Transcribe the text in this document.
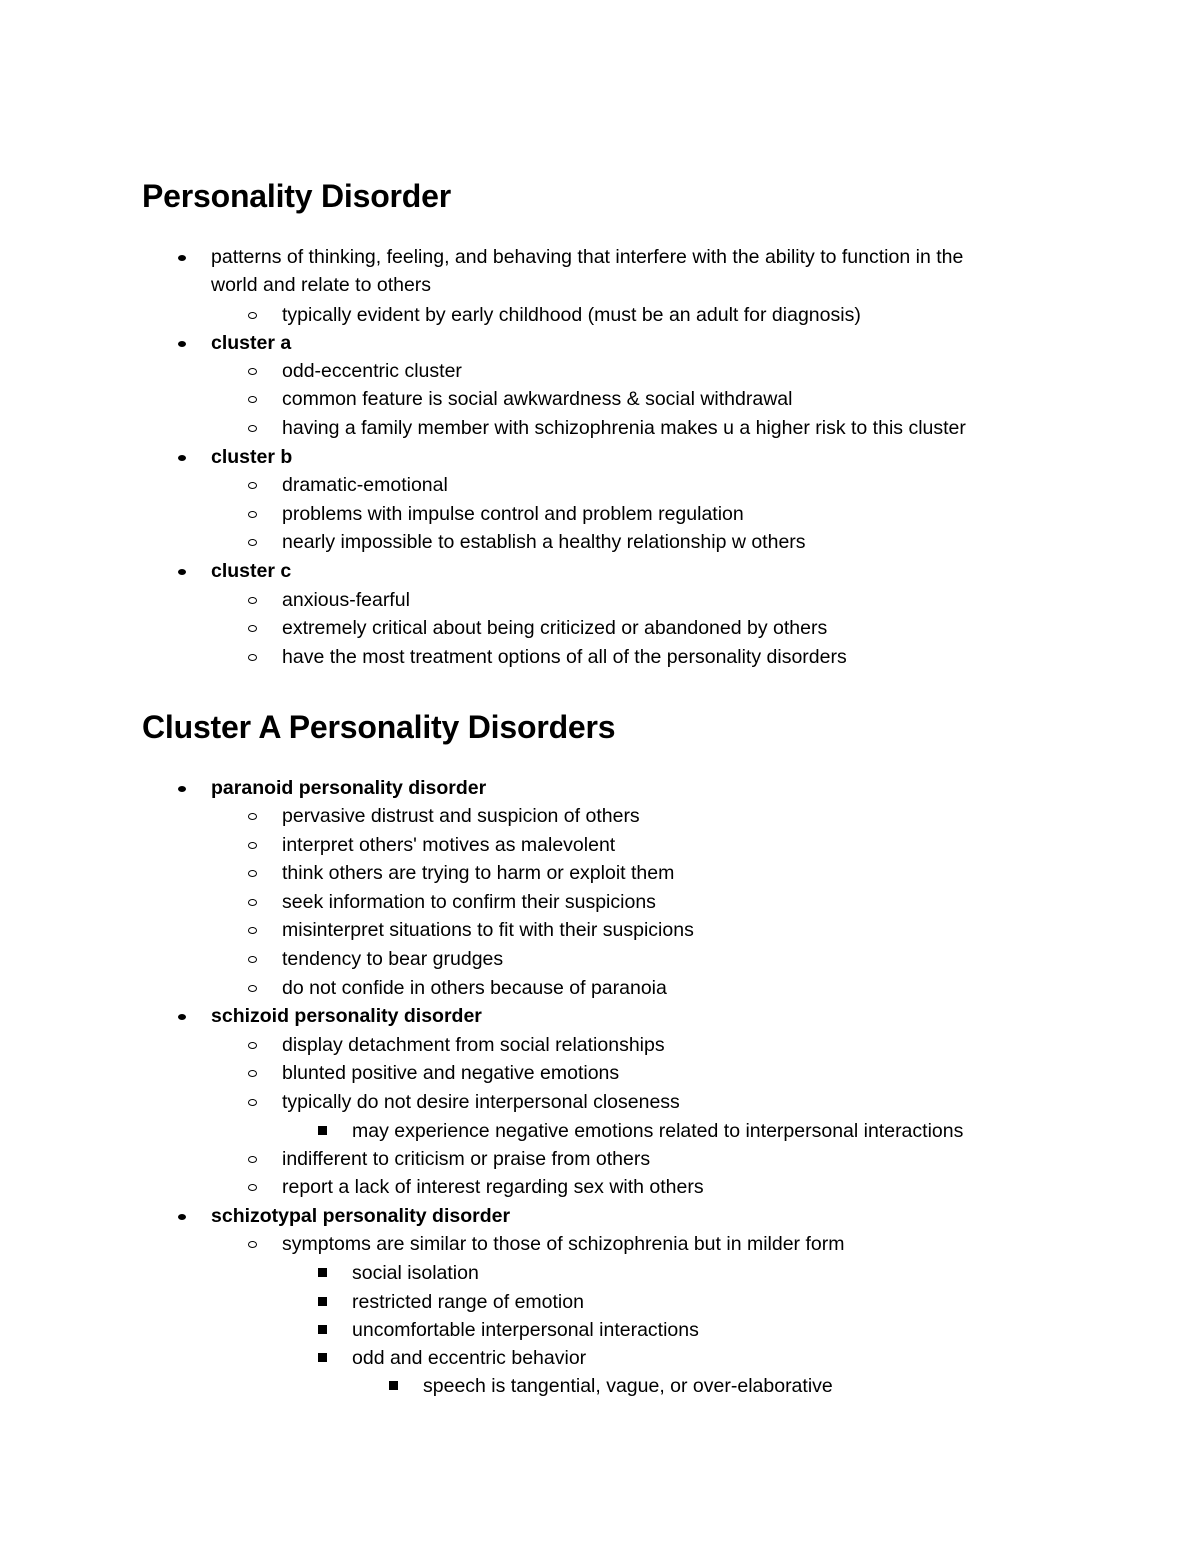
Personality Disorder
patterns of thinking, feeling, and behaving that interfere with the ability to function in the
world and relate to others
typically evident by early childhood (must be an adult for diagnosis)
cluster a
odd-eccentric cluster
common feature is social awkwardness & social withdrawal
having a family member with schizophrenia makes u a higher risk to this cluster
cluster b
dramatic-emotional
problems with impulse control and problem regulation
nearly impossible to establish a healthy relationship w others
cluster c
anxious-fearful
extremely critical about being criticized or abandoned by others
have the most treatment options of all of the personality disorders
Cluster A Personality Disorders
paranoid personality disorder
pervasive distrust and suspicion of others
interpret others' motives as malevolent
think others are trying to harm or exploit them
seek information to confirm their suspicions
misinterpret situations to fit with their suspicions
tendency to bear grudges
do not confide in others because of paranoia
schizoid personality disorder
display detachment from social relationships
blunted positive and negative emotions
typically do not desire interpersonal closeness
may experience negative emotions related to interpersonal interactions
indifferent to criticism or praise from others
report a lack of interest regarding sex with others
schizotypal personality disorder
symptoms are similar to those of schizophrenia but in milder form
social isolation
restricted range of emotion
uncomfortable interpersonal interactions
odd and eccentric behavior
speech is tangential, vague, or over-elaborative
